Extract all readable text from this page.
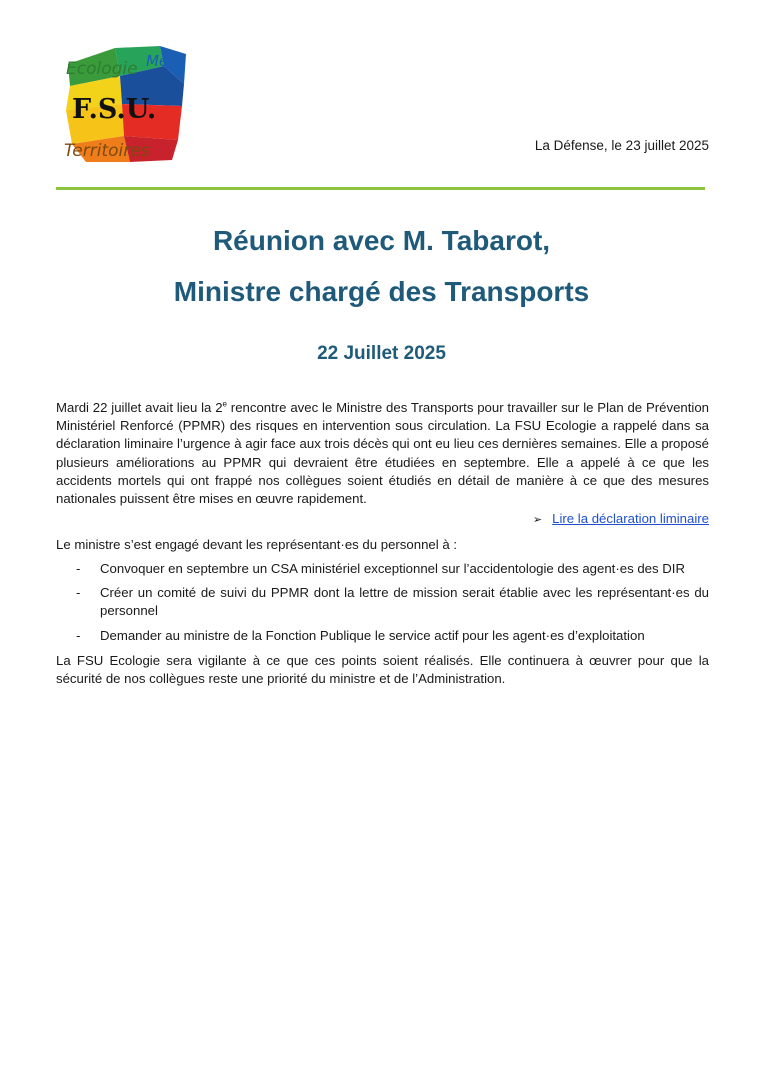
Ecologie Mer
F.S.U.
Territoires	La Défense, le 23 juillet 2025
Réunion avec M. Tabarot,
Ministre chargé des Transports
22 Juillet 2025
Mardi 22 juillet avait lieu la 2e rencontre avec le Ministre des Transports pour travailler sur le Plan de Prévention Ministériel Renforcé (PPMR) des risques en intervention sous circulation. La FSU Ecologie a rappelé dans sa déclaration liminaire l’urgence à agir face aux trois décès qui ont eu lieu ces dernières semaines. Elle a proposé plusieurs améliorations au PPMR qui devraient être étudiées en septembre. Elle a appelé à ce que les accidents mortels qui ont frappé nos collègues soient étudiés en détail de manière à ce que des mesures nationales puissent être mises en œuvre rapidement.
➢ Lire la déclaration liminaire
Le ministre s’est engagé devant les représentant·es du personnel à :
- Convoquer en septembre un CSA ministériel exceptionnel sur l’accidentologie des agent·es des DIR
- Créer un comité de suivi du PPMR dont la lettre de mission serait établie avec les représentant·es du personnel
- Demander au ministre de la Fonction Publique le service actif pour les agent·es d’exploitation
La FSU Ecologie sera vigilante à ce que ces points soient réalisés. Elle continuera à œuvrer pour que la sécurité de nos collègues reste une priorité du ministre et de l’Administration.
